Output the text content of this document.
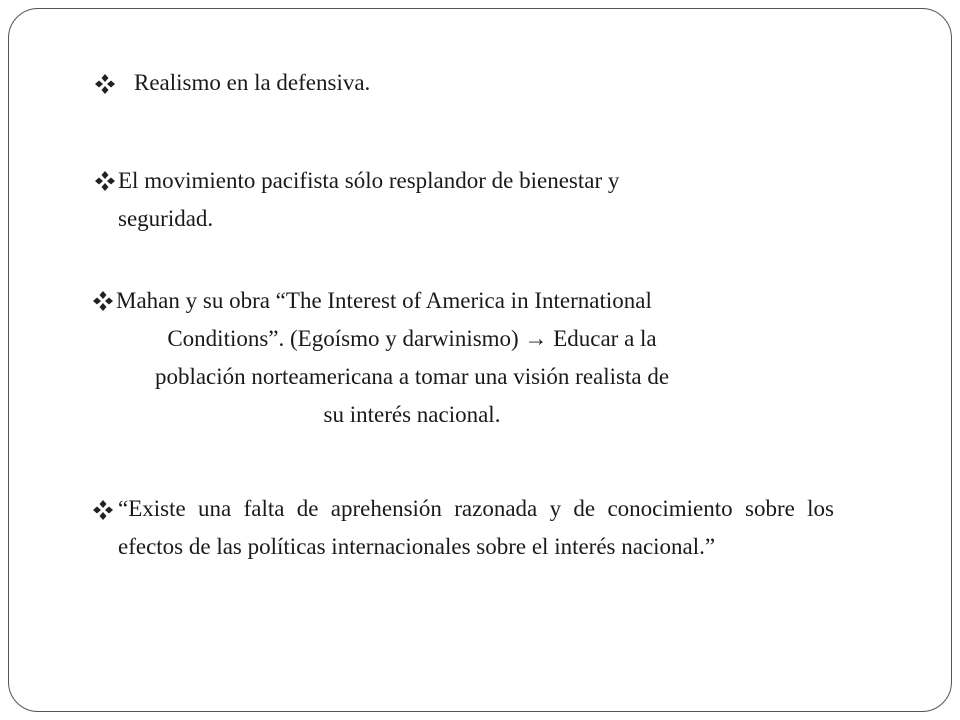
Realismo en la defensiva.
El movimiento pacifista sólo resplandor de bienestar y
seguridad.
Mahan y su obra “The Interest of America in International
Conditions”. (Egoísmo y darwinismo) → Educar a la
población norteamericana a tomar una visión realista de
su interés nacional.
“Existe una falta de aprehensión razonada y de conocimiento sobre los efectos de las políticas internacionales sobre el interés nacional.”
